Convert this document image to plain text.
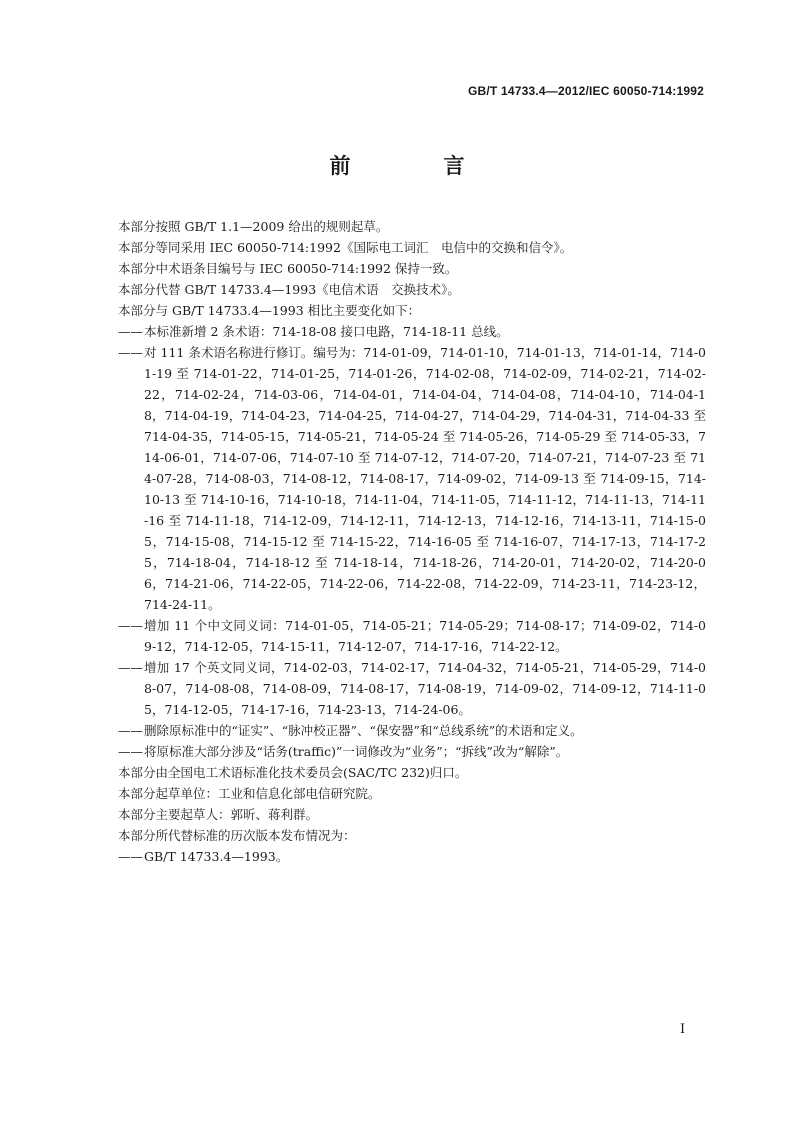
GB/T 14733.4—2012/IEC 60050-714:1992
前　言

本部分按照 GB/T 1.1—2009 给出的规则起草。

本部分等同采用 IEC 60050-714:1992《国际电工词汇　电信中的交换和信令》。

本部分中术语条目编号与 IEC 60050-714:1992 保持一致。

本部分代替 GB/T 14733.4—1993《电信术语　交换技术》。

本部分与 GB/T 14733.4—1993 相比主要变化如下：

—— 本标准新增 2 条术语：714-18-08 接口电路，714-18-11 总线。
—— 对 111 条术语名称进行修订。编号为：714-01-09，714-01-10，714-01-13，714-01-14，714-01-19 至 714-01-22，714-01-25，714-01-26，714-02-08，714-02-09，714-02-21，714-02-22，714-02-24，714-03-06，714-04-01，714-04-04，714-04-08，714-04-10，714-04-18，714-04-19，714-04-23，714-04-25，714-04-27，714-04-29，714-04-31，714-04-33 至 714-04-35，714-05-15，714-05-21，714-05-24 至 714-05-26，714-05-29 至 714-05-33，714-06-01，714-07-06，714-07-10 至 714-07-12，714-07-20，714-07-21，714-07-23 至 714-07-28，714-08-03，714-08-12，714-08-17，714-09-02，714-09-13 至 714-09-15，714-10-13 至 714-10-16，714-10-18，714-11-04，714-11-05，714-11-12，714-11-13，714-11-16 至 714-11-18，714-12-09，714-12-11，714-12-13，714-12-16，714-13-11，714-15-05，714-15-08，714-15-12 至 714-15-22，714-16-05 至 714-16-07，714-17-13，714-17-25，714-18-04，714-18-12 至 714-18-14，714-18-26，714-20-01，714-20-02，714-20-06，714-21-06，714-22-05，714-22-06，714-22-08，714-22-09，714-23-11，714-23-12，714-24-11。
—— 增加 11 个中文同义词：714-01-05，714-05-21；714-05-29；714-08-17；714-09-02，714-09-12，714-12-05，714-15-11，714-12-07，714-17-16，714-22-12。
—— 增加 17 个英文同义词，714-02-03，714-02-17，714-04-32，714-05-21，714-05-29，714-08-07，714-08-08，714-08-09，714-08-17，714-08-19，714-09-02，714-09-12，714-11-05，714-12-05，714-17-16，714-23-13，714-24-06。
—— 删除原标准中的“证实”、“脉冲校正器”、“保安器”和“总线系统”的术语和定义。
—— 将原标准大部分涉及“话务(traffic)”一词修改为“业务”；“拆线”改为“解除”。

本部分由全国电工术语标准化技术委员会(SAC/TC 232)归口。

本部分起草单位：工业和信息化部电信研究院。

本部分主要起草人：郭昕、蒋利群。

本部分所代替标准的历次版本发布情况为：

—— GB/T 14733.4—1993。
I
